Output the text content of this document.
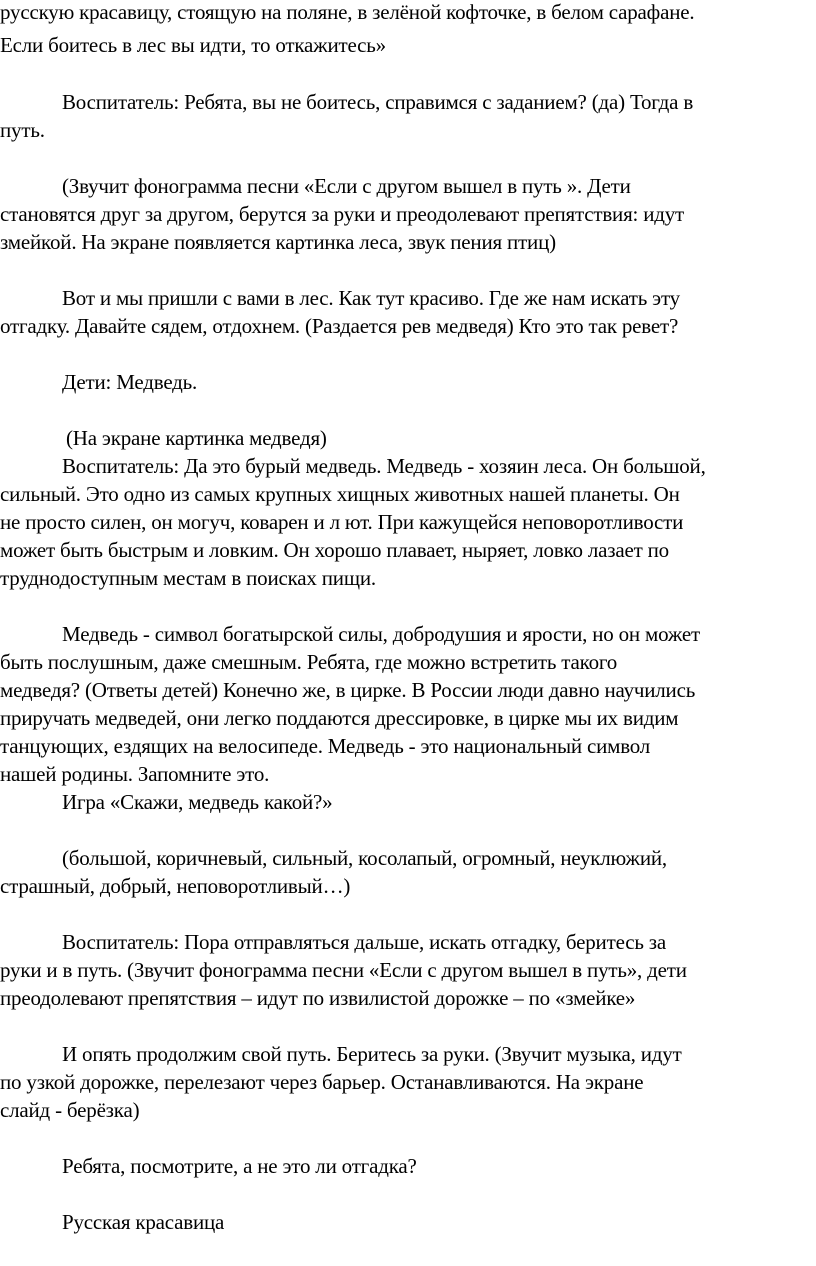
русскую красавицу, стоящую на поляне, в зелёной кофточке, в белом сарафане.
Если боитесь в лес вы идти, то откажитесь»
Воспитатель: Ребята, вы не боитесь, справимся с заданием? (да) Тогда в
путь.
(Звучит фонограмма песни «Если с другом вышел в путь ». Дети
становятся друг за другом, берутся за руки и преодолевают препятствия: идут
змейкой. На экране появляется картинка леса, звук пения птиц)
Вот и мы пришли с вами в лес. Как тут красиво. Где же нам искать эту
отгадку. Давайте сядем, отдохнем. (Раздается рев медведя) Кто это так ревет?
Дети: Медведь.
(На экране картинка медведя)
Воспитатель: Да это бурый медведь. Медведь - хозяин леса. Он большой,
сильный. Это одно из самых крупных хищных животных нашей планеты. Он
не просто силен, он могуч, коварен и л ют. При кажущейся неповоротливости
может быть быстрым и ловким. Он хорошо плавает, ныряет, ловко лазает по
труднодоступным местам в поисках пищи.
Медведь - символ богатырской силы, добродушия и ярости, но он может
быть послушным, даже смешным. Ребята, где можно встретить такого
медведя? (Ответы детей) Конечно же, в цирке. В России люди давно научились
приручать медведей, они легко поддаются дрессировке, в цирке мы их видим
танцующих, ездящих на велосипеде. Медведь - это национальный символ
нашей родины. Запомните это.
Игра «Скажи, медведь какой?»
(большой, коричневый, сильный, косолапый, огромный, неуклюжий,
страшный, добрый, неповоротливый…)
Воспитатель: Пора отправляться дальше, искать отгадку, беритесь за
руки и в путь. (Звучит фонограмма песни «Если с другом вышел в путь», дети
преодолевают препятствия – идут по извилистой дорожке – по «змейке»
И опять продолжим свой путь. Беритесь за руки. (Звучит музыка, идут
по узкой дорожке, перелезают через барьер. Останавливаются. На экране
слайд - берёзка)
Ребята, посмотрите, а не это ли отгадка?
Русская красавица
